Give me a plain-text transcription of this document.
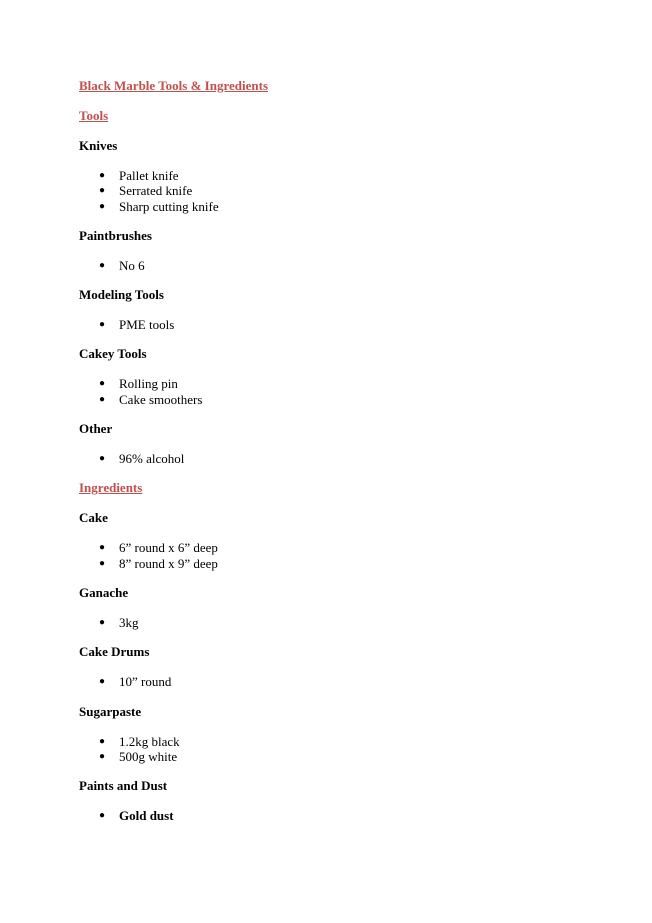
Black Marble Tools & Ingredients

Tools

Knives

● Pallet knife
● Serrated knife
● Sharp cutting knife

Paintbrushes

● No 6

Modeling Tools

● PME tools

Cakey Tools

● Rolling pin
● Cake smoothers

Other

● 96% alcohol

Ingredients

Cake

● 6” round x 6” deep
● 8” round x 9” deep

Ganache

● 3kg

Cake Drums

● 10” round

Sugarpaste

● 1.2kg black
● 500g white

Paints and Dust

● Gold dust
